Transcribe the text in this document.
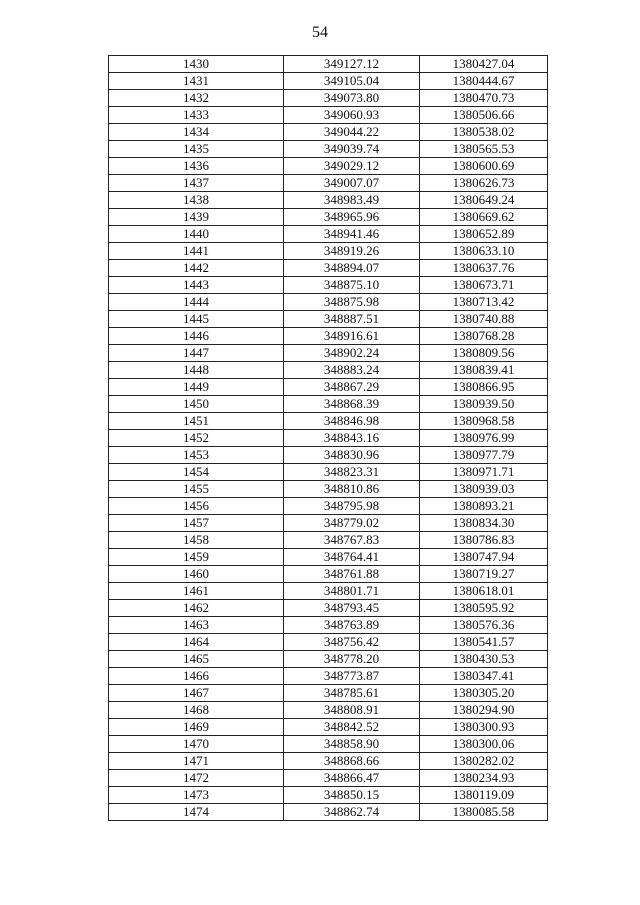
54
1430	349127.12	1380427.04
1431	349105.04	1380444.67
1432	349073.80	1380470.73
1433	349060.93	1380506.66
1434	349044.22	1380538.02
1435	349039.74	1380565.53
1436	349029.12	1380600.69
1437	349007.07	1380626.73
1438	348983.49	1380649.24
1439	348965.96	1380669.62
1440	348941.46	1380652.89
1441	348919.26	1380633.10
1442	348894.07	1380637.76
1443	348875.10	1380673.71
1444	348875.98	1380713.42
1445	348887.51	1380740.88
1446	348916.61	1380768.28
1447	348902.24	1380809.56
1448	348883.24	1380839.41
1449	348867.29	1380866.95
1450	348868.39	1380939.50
1451	348846.98	1380968.58
1452	348843.16	1380976.99
1453	348830.96	1380977.79
1454	348823.31	1380971.71
1455	348810.86	1380939.03
1456	348795.98	1380893.21
1457	348779.02	1380834.30
1458	348767.83	1380786.83
1459	348764.41	1380747.94
1460	348761.88	1380719.27
1461	348801.71	1380618.01
1462	348793.45	1380595.92
1463	348763.89	1380576.36
1464	348756.42	1380541.57
1465	348778.20	1380430.53
1466	348773.87	1380347.41
1467	348785.61	1380305.20
1468	348808.91	1380294.90
1469	348842.52	1380300.93
1470	348858.90	1380300.06
1471	348868.66	1380282.02
1472	348866.47	1380234.93
1473	348850.15	1380119.09
1474	348862.74	1380085.58
